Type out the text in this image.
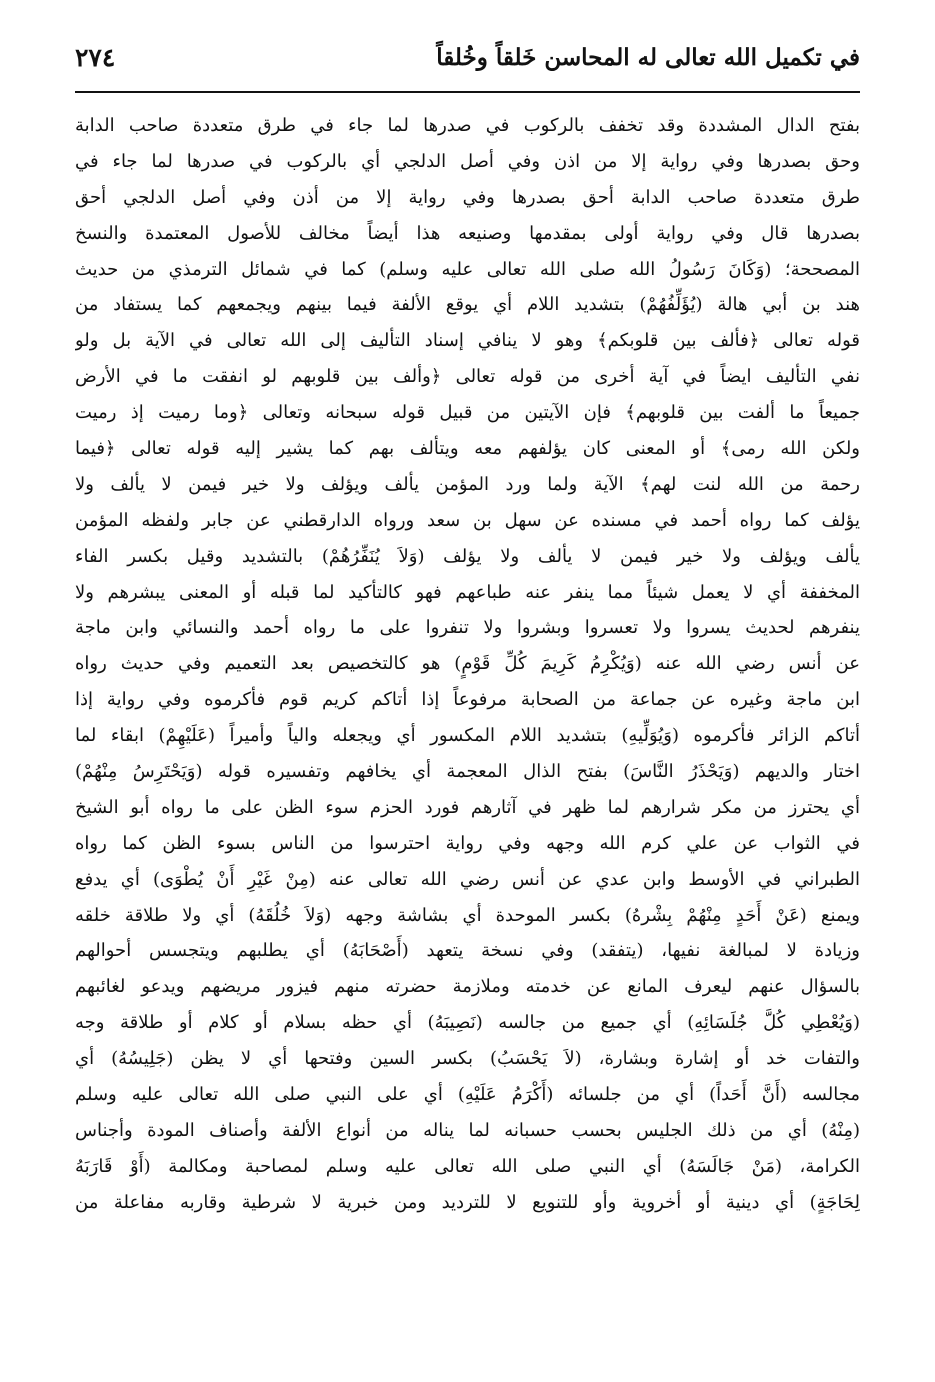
في تكميل الله تعالى له المحاسن خَلقاً وخُلقاً
٢٧٤
بفتح الدال المشددة وقد تخفف بالركوب في صدرها لما جاء في طرق متعددة صاحب الدابة
وحق بصدرها وفي رواية إلا من اذن وفي أصل الدلجي أي بالركوب في صدرها لما جاء في
طرق متعددة صاحب الدابة أحق بصدرها وفي رواية إلا من أذن وفي أصل الدلجي أحق
بصدرها قال وفي رواية أولى بمقدمها وصنيعه هذا أيضاً مخالف للأصول المعتمدة والنسخ
المصححة؛ (وَكَانَ رَسُولُ الله صلى الله تعالى عليه وسلم) كما في شمائل الترمذي من حديث
هند بن أبي هالة (يُؤَلِّفُهُمْ) بتشديد اللام أي يوقع الألفة فيما بينهم ويجمعهم كما يستفاد من
قوله تعالى ﴿فألف بين قلوبكم﴾ وهو لا ينافي إسناد التأليف إلى الله تعالى في الآية بل ولو
نفي التأليف ايضاً في آية أخرى من قوله تعالى ﴿وألف بين قلوبهم لو انفقت ما في الأرض
جميعاً ما ألفت بين قلوبهم﴾ فإن الآيتين من قبيل قوله سبحانه وتعالى ﴿وما رميت إذ رميت
ولكن الله رمى﴾ أو المعنى كان يؤلفهم معه ويتألف بهم كما يشير إليه قوله تعالى ﴿فيما
رحمة من الله لنت لهم﴾ الآية ولما ورد المؤمن يألف ويؤلف ولا خير فيمن لا يألف ولا
يؤلف كما رواه أحمد في مسنده عن سهل بن سعد ورواه الدارقطني عن جابر ولفظه المؤمن
يألف ويؤلف ولا خير فيمن لا يألف ولا يؤلف (وَلاَ يُنَفِّرُهُمْ) بالتشديد وقيل بكسر الفاء
المخففة أي لا يعمل شيئاً مما ينفر عنه طباعهم فهو كالتأكيد لما قبله أو المعنى يبشرهم ولا
ينفرهم لحديث يسروا ولا تعسروا وبشروا ولا تنفروا على ما رواه أحمد والنسائي وابن ماجة
عن أنس رضي الله عنه (وَيُكْرِمُ كَرِيمَ كُلِّ قَوْمٍ) هو كالتخصيص بعد التعميم وفي حديث رواه
ابن ماجة وغيره عن جماعة من الصحابة مرفوعاً إذا أتاكم كريم قوم فأكرموه وفي رواية إذا
أتاكم الزائر فأكرموه (وَيُوَلِّيهِ) بتشديد اللام المكسور أي ويجعله والياً وأميراً (عَلَيْهِمْ) ابقاء لما
اختار والديهم (وَيَحْذَرُ النَّاسَ) بفتح الذال المعجمة أي يخافهم وتفسيره قوله (وَيَحْتَرِسُ مِنْهُمْ)
أي يحترز من مكر شرارهم لما ظهر في آثارهم فورد الحزم سوء الظن على ما رواه أبو الشيخ
في الثواب عن علي كرم الله وجهه وفي رواية احترسوا من الناس بسوء الظن كما رواه
الطبراني في الأوسط وابن عدي عن أنس رضي الله تعالى عنه (مِنْ غَيْرِ أَنْ يُطْوَى) أي يدفع
ويمنع (عَنْ أَحَدٍ مِنْهُمْ بِشْرهُ) بكسر الموحدة أي بشاشة وجهه (وَلاَ خُلُقَهُ) أي ولا طلاقة خلقه
وزيادة لا لمبالغة نفيها، (يتفقد) وفي نسخة يتعهد (أَصْحَابَهُ) أي يطلبهم ويتجسس أحوالهم
بالسؤال عنهم ليعرف المانع عن خدمته وملازمة حضرته منهم فيزور مريضهم ويدعو لغائبهم
(وَيُعْطِي كُلَّ جُلَسَائِهِ) أي جميع من جالسه (نَصِيبَهُ) أي حظه بسلام أو كلام أو طلاقة وجه
والتفات خد أو إشارة وبشارة، (لاَ يَحْسَبُ) بكسر السين وفتحها أي لا يظن (جَلِيسُهُ) أي
مجالسه (أَنَّ أَحَداً) أي من جلسائه (أَكْرَمُ عَلَيْهِ) أي على النبي صلى الله تعالى عليه وسلم
(مِنْهُ) أي من ذلك الجليس بحسب حسبانه لما يناله من أنواع الألفة وأصناف المودة وأجناس
الكرامة، (مَنْ جَالَسَهُ) أي النبي صلى الله تعالى عليه وسلم لمصاحبة ومكالمة (أَوْ قَارَبَهُ
لِحَاجَةٍ) أي دينية أو أخروية وأو للتنويع لا للترديد ومن خبرية لا شرطية وقاربه مفاعلة من
